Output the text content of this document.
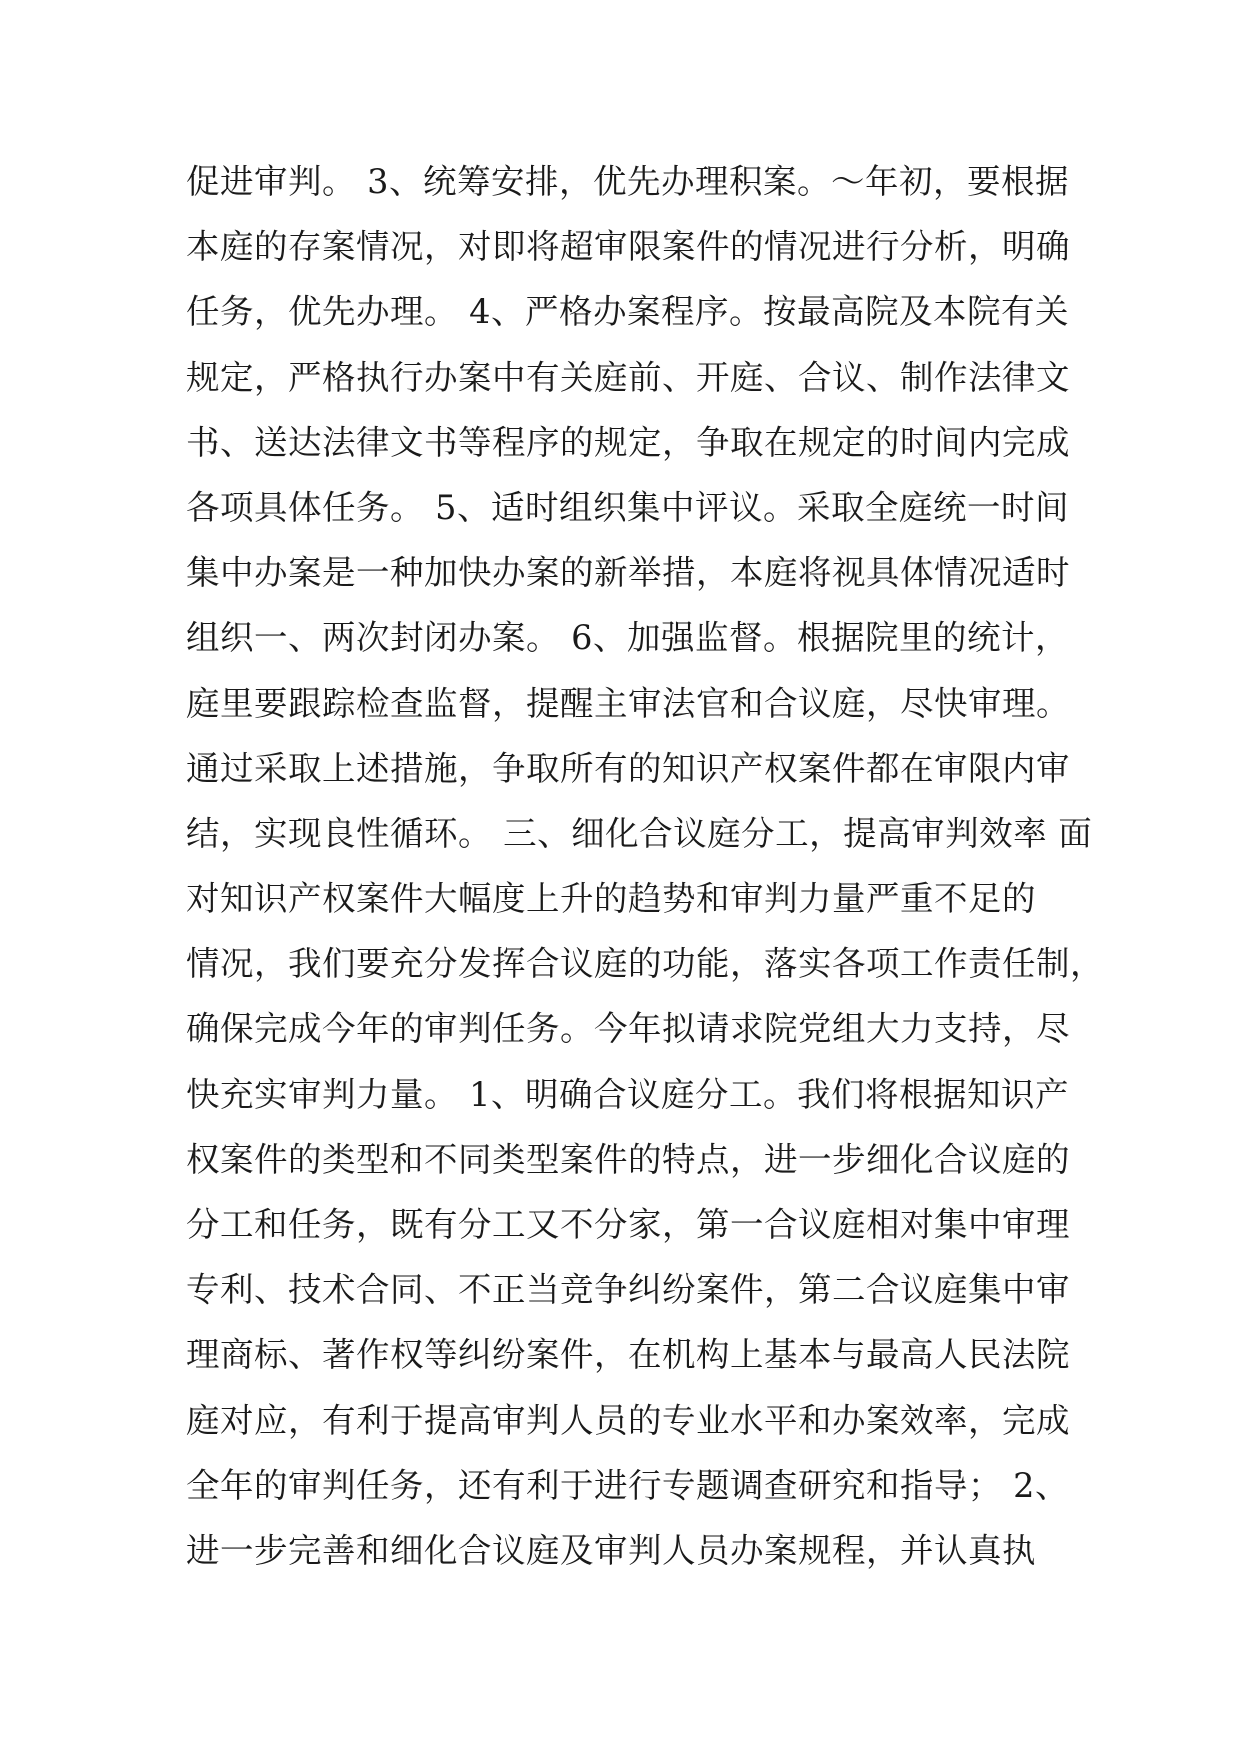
促进审判。 3、统筹安排，优先办理积案。～年初，要根据
本庭的存案情况，对即将超审限案件的情况进行分析，明确
任务，优先办理。 4、严格办案程序。按最高院及本院有关
规定，严格执行办案中有关庭前、开庭、合议、制作法律文
书、送达法律文书等程序的规定，争取在规定的时间内完成
各项具体任务。 5、适时组织集中评议。采取全庭统一时间
集中办案是一种加快办案的新举措，本庭将视具体情况适时
组织一、两次封闭办案。 6、加强监督。根据院里的统计，
庭里要跟踪检查监督，提醒主审法官和合议庭，尽快审理。
通过采取上述措施，争取所有的知识产权案件都在审限内审
结，实现良性循环。 三、细化合议庭分工，提高审判效率 面
对知识产权案件大幅度上升的趋势和审判力量严重不足的
情况，我们要充分发挥合议庭的功能，落实各项工作责任制，
确保完成今年的审判任务。今年拟请求院党组大力支持，尽
快充实审判力量。 1、明确合议庭分工。我们将根据知识产
权案件的类型和不同类型案件的特点，进一步细化合议庭的
分工和任务，既有分工又不分家，第一合议庭相对集中审理
专利、技术合同、不正当竞争纠纷案件，第二合议庭集中审
理商标、著作权等纠纷案件，在机构上基本与最高人民法院
庭对应，有利于提高审判人员的专业水平和办案效率，完成
全年的审判任务，还有利于进行专题调查研究和指导； 2、
进一步完善和细化合议庭及审判人员办案规程，并认真执
